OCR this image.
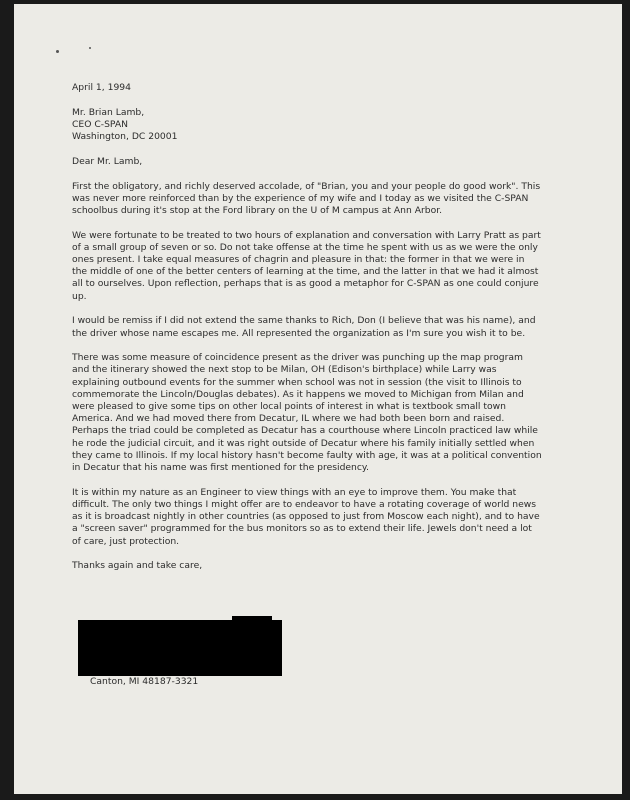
April 1, 1994

Mr. Brian Lamb,
CEO C-SPAN
Washington, DC 20001

Dear Mr. Lamb,

First the obligatory, and richly deserved accolade, of "Brian, you and your people do good work". This was never more reinforced than by the experience of my wife and I today as we visited the C-SPAN schoolbus during it's stop at the Ford library on the U of M campus at Ann Arbor.

We were fortunate to be treated to two hours of explanation and conversation with Larry Pratt as part of a small group of seven or so. Do not take offense at the time he spent with us as we were the only ones present. I take equal measures of chagrin and pleasure in that: the former in that we were in the middle of one of the better centers of learning at the time, and the latter in that we had it almost all to ourselves. Upon reflection, perhaps that is as good a metaphor for C-SPAN as one could conjure up.

I would be remiss if I did not extend the same thanks to Rich, Don (I believe that was his name), and the driver whose name escapes me. All represented the organization as I'm sure you wish it to be.

There was some measure of coincidence present as the driver was punching up the map program and the itinerary showed the next stop to be Milan, OH (Edison's birthplace) while Larry was explaining outbound events for the summer when school was not in session (the visit to Illinois to commemorate the Lincoln/Douglas debates). As it happens we moved to Michigan from Milan and were pleased to give some tips on other local points of interest in what is textbook small town America. And we had moved there from Decatur, IL where we had both been born and raised. Perhaps the triad could be completed as Decatur has a courthouse where Lincoln practiced law while he rode the judicial circuit, and it was right outside of Decatur where his family initially settled when they came to Illinois. If my local history hasn't become faulty with age, it was at a political convention in Decatur that his name was first mentioned for the presidency.

It is within my nature as an Engineer to view things with an eye to improve them. You make that difficult. The only two things I might offer are to endeavor to have a rotating coverage of world news as it is broadcast nightly in other countries (as opposed to just from Moscow each night), and to have a "screen saver" programmed for the bus monitors so as to extend their life. Jewels don't need a lot of care, just protection.

Thanks again and take care,

Canton, MI 48187-3321
